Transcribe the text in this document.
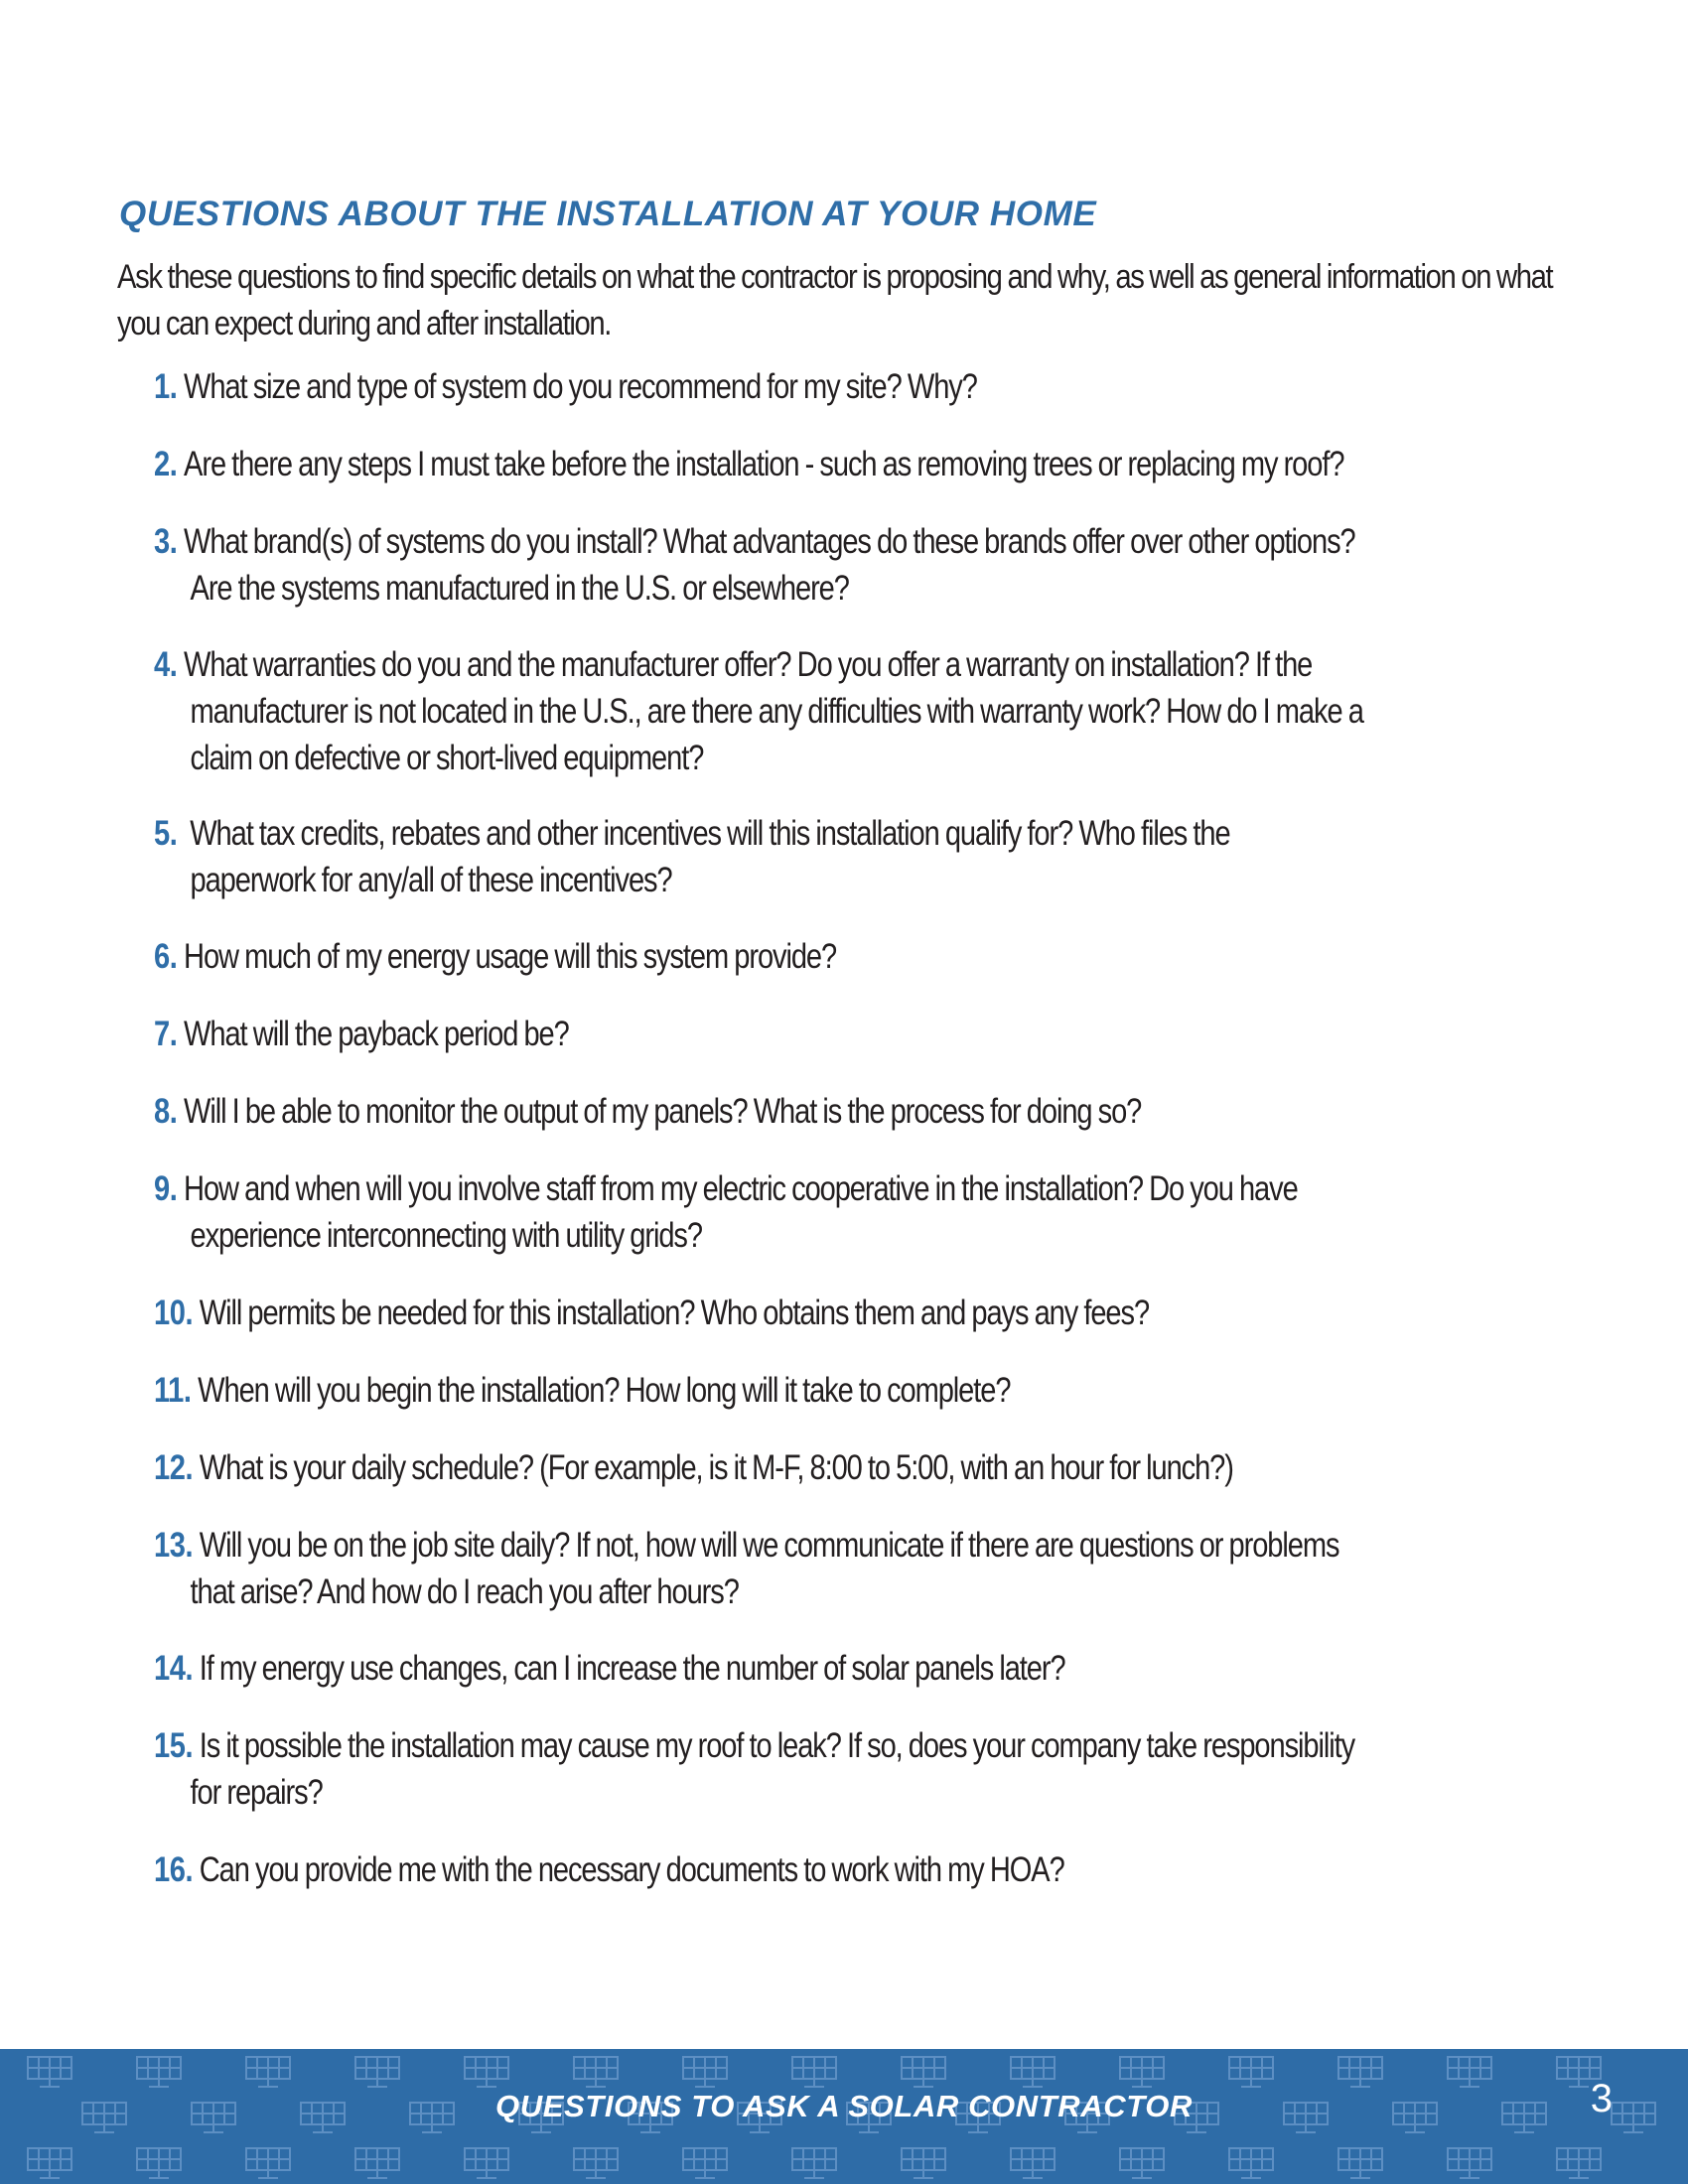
QUESTIONS ABOUT THE INSTALLATION AT YOUR HOME

Ask these questions to find specific details on what the contractor is proposing and why, as well as general information on what you can expect during and after installation.

1. What size and type of system do you recommend for my site? Why?
2. Are there any steps I must take before the installation - such as removing trees or replacing my roof?
3. What brand(s) of systems do you install? What advantages do these brands offer over other options?
Are the systems manufactured in the U.S. or elsewhere?
4. What warranties do you and the manufacturer offer? Do you offer a warranty on installation? If the
manufacturer is not located in the U.S., are there any difficulties with warranty work? How do I make a
claim on defective or short-lived equipment?
5. What tax credits, rebates and other incentives will this installation qualify for? Who files the
paperwork for any/all of these incentives?
6. How much of my energy usage will this system provide?
7. What will the payback period be?
8. Will I be able to monitor the output of my panels? What is the process for doing so?
9. How and when will you involve staff from my electric cooperative in the installation? Do you have
experience interconnecting with utility grids?
10. Will permits be needed for this installation? Who obtains them and pays any fees?
11. When will you begin the installation? How long will it take to complete?
12. What is your daily schedule? (For example, is it M-F, 8:00 to 5:00, with an hour for lunch?)
13. Will you be on the job site daily? If not, how will we communicate if there are questions or problems
that arise? And how do I reach you after hours?
14. If my energy use changes, can I increase the number of solar panels later?
15. Is it possible the installation may cause my roof to leak? If so, does your company take responsibility
for repairs?
16. Can you provide me with the necessary documents to work with my HOA?
QUESTIONS TO ASK A SOLAR CONTRACTOR	3
